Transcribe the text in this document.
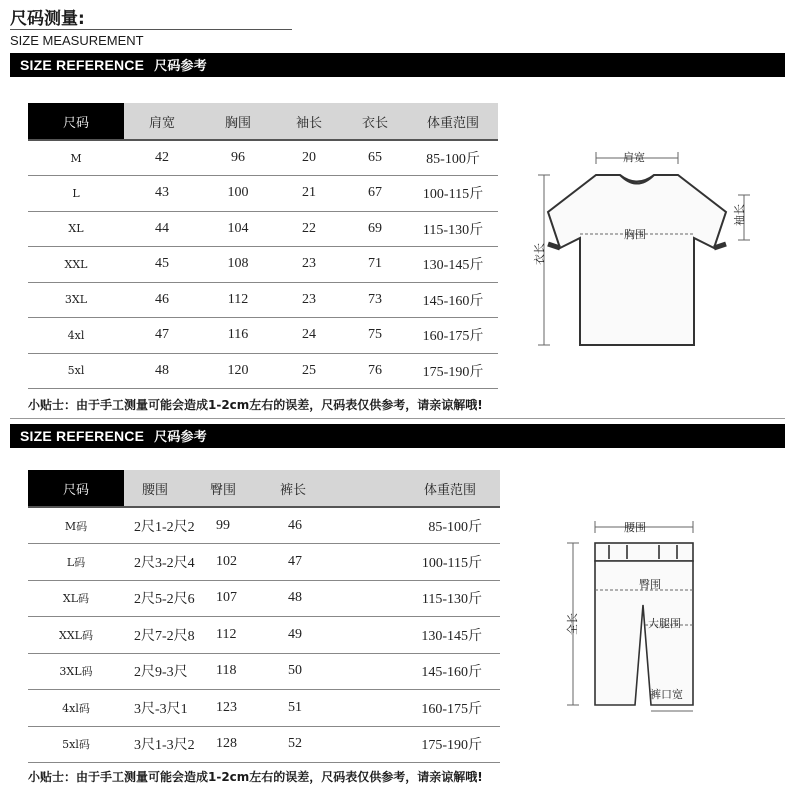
尺码测量:
SIZE MEASUREMENT
SIZE REFERENCE 尺码参考
尺码	肩宽	胸围	袖长	衣长	体重范围
M	42	96	20	65	85-100斤
L	43	100	21	67	100-115斤
XL	44	104	22	69	115-130斤
XXL	45	108	23	71	130-145斤
3XL	46	112	23	73	145-160斤
4xl	47	116	24	75	160-175斤
5xl	48	120	25	76	175-190斤
肩宽
胸围
衣长
袖长
小贴士：由于手工测量可能会造成1-2cm左右的误差，尺码表仅供参考，请亲谅解哦!
SIZE REFERENCE 尺码参考
尺码	腰围	臀围	裤长	体重范围
M码	2尺1-2尺2	99	46	85-100斤
L码	2尺3-2尺4	102	47	100-115斤
XL码	2尺5-2尺6	107	48	115-130斤
XXL码	2尺7-2尺8	112	49	130-145斤
3XL码	2尺9-3尺	118	50	145-160斤
4xl码	3尺-3尺1	123	51	160-175斤
5xl码	3尺1-3尺2	128	52	175-190斤
腰围
臀围
大腿围
全长
裤口宽
小贴士：由于手工测量可能会造成1-2cm左右的误差，尺码表仅供参考，请亲谅解哦!
